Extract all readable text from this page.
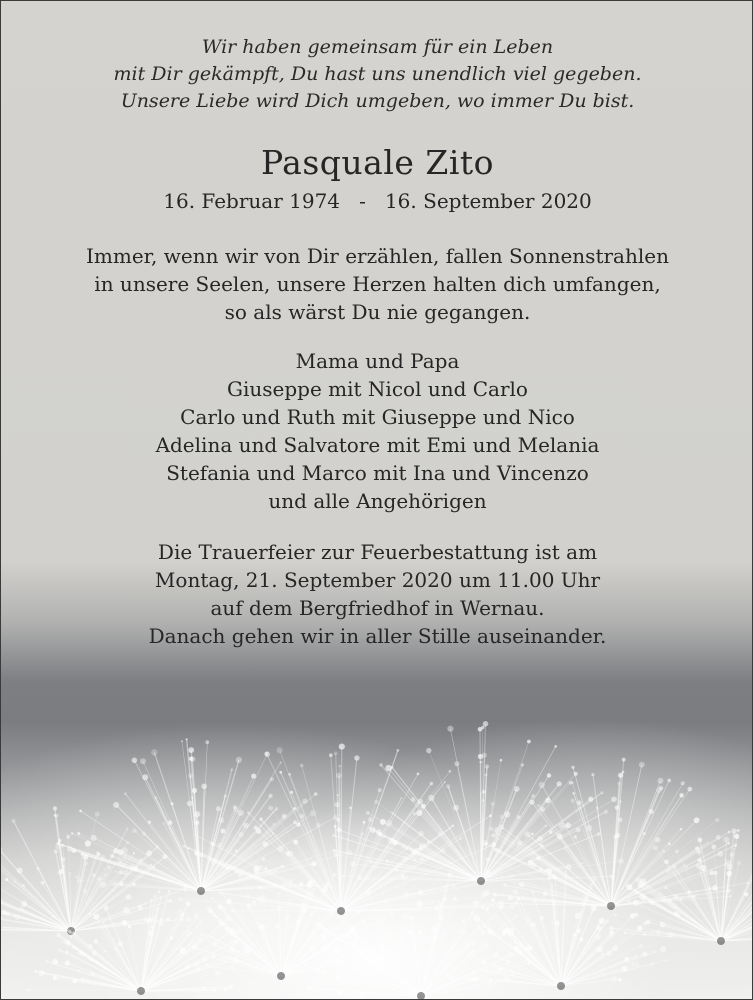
Wir haben gemeinsam für ein Leben
mit Dir gekämpft, Du hast uns unendlich viel gegeben.
Unsere Liebe wird Dich umgeben, wo immer Du bist.
Pasquale Zito
16. Februar 1974 - 16. September 2020
Immer, wenn wir von Dir erzählen, fallen Sonnenstrahlen
in unsere Seelen, unsere Herzen halten dich umfangen,
so als wärst Du nie gegangen.
Mama und Papa
Giuseppe mit Nicol und Carlo
Carlo und Ruth mit Giuseppe und Nico
Adelina und Salvatore mit Emi und Melania
Stefania und Marco mit Ina und Vincenzo
und alle Angehörigen
Die Trauerfeier zur Feuerbestattung ist am
Montag, 21. September 2020 um 11.00 Uhr
auf dem Bergfriedhof in Wernau.
Danach gehen wir in aller Stille auseinander.
